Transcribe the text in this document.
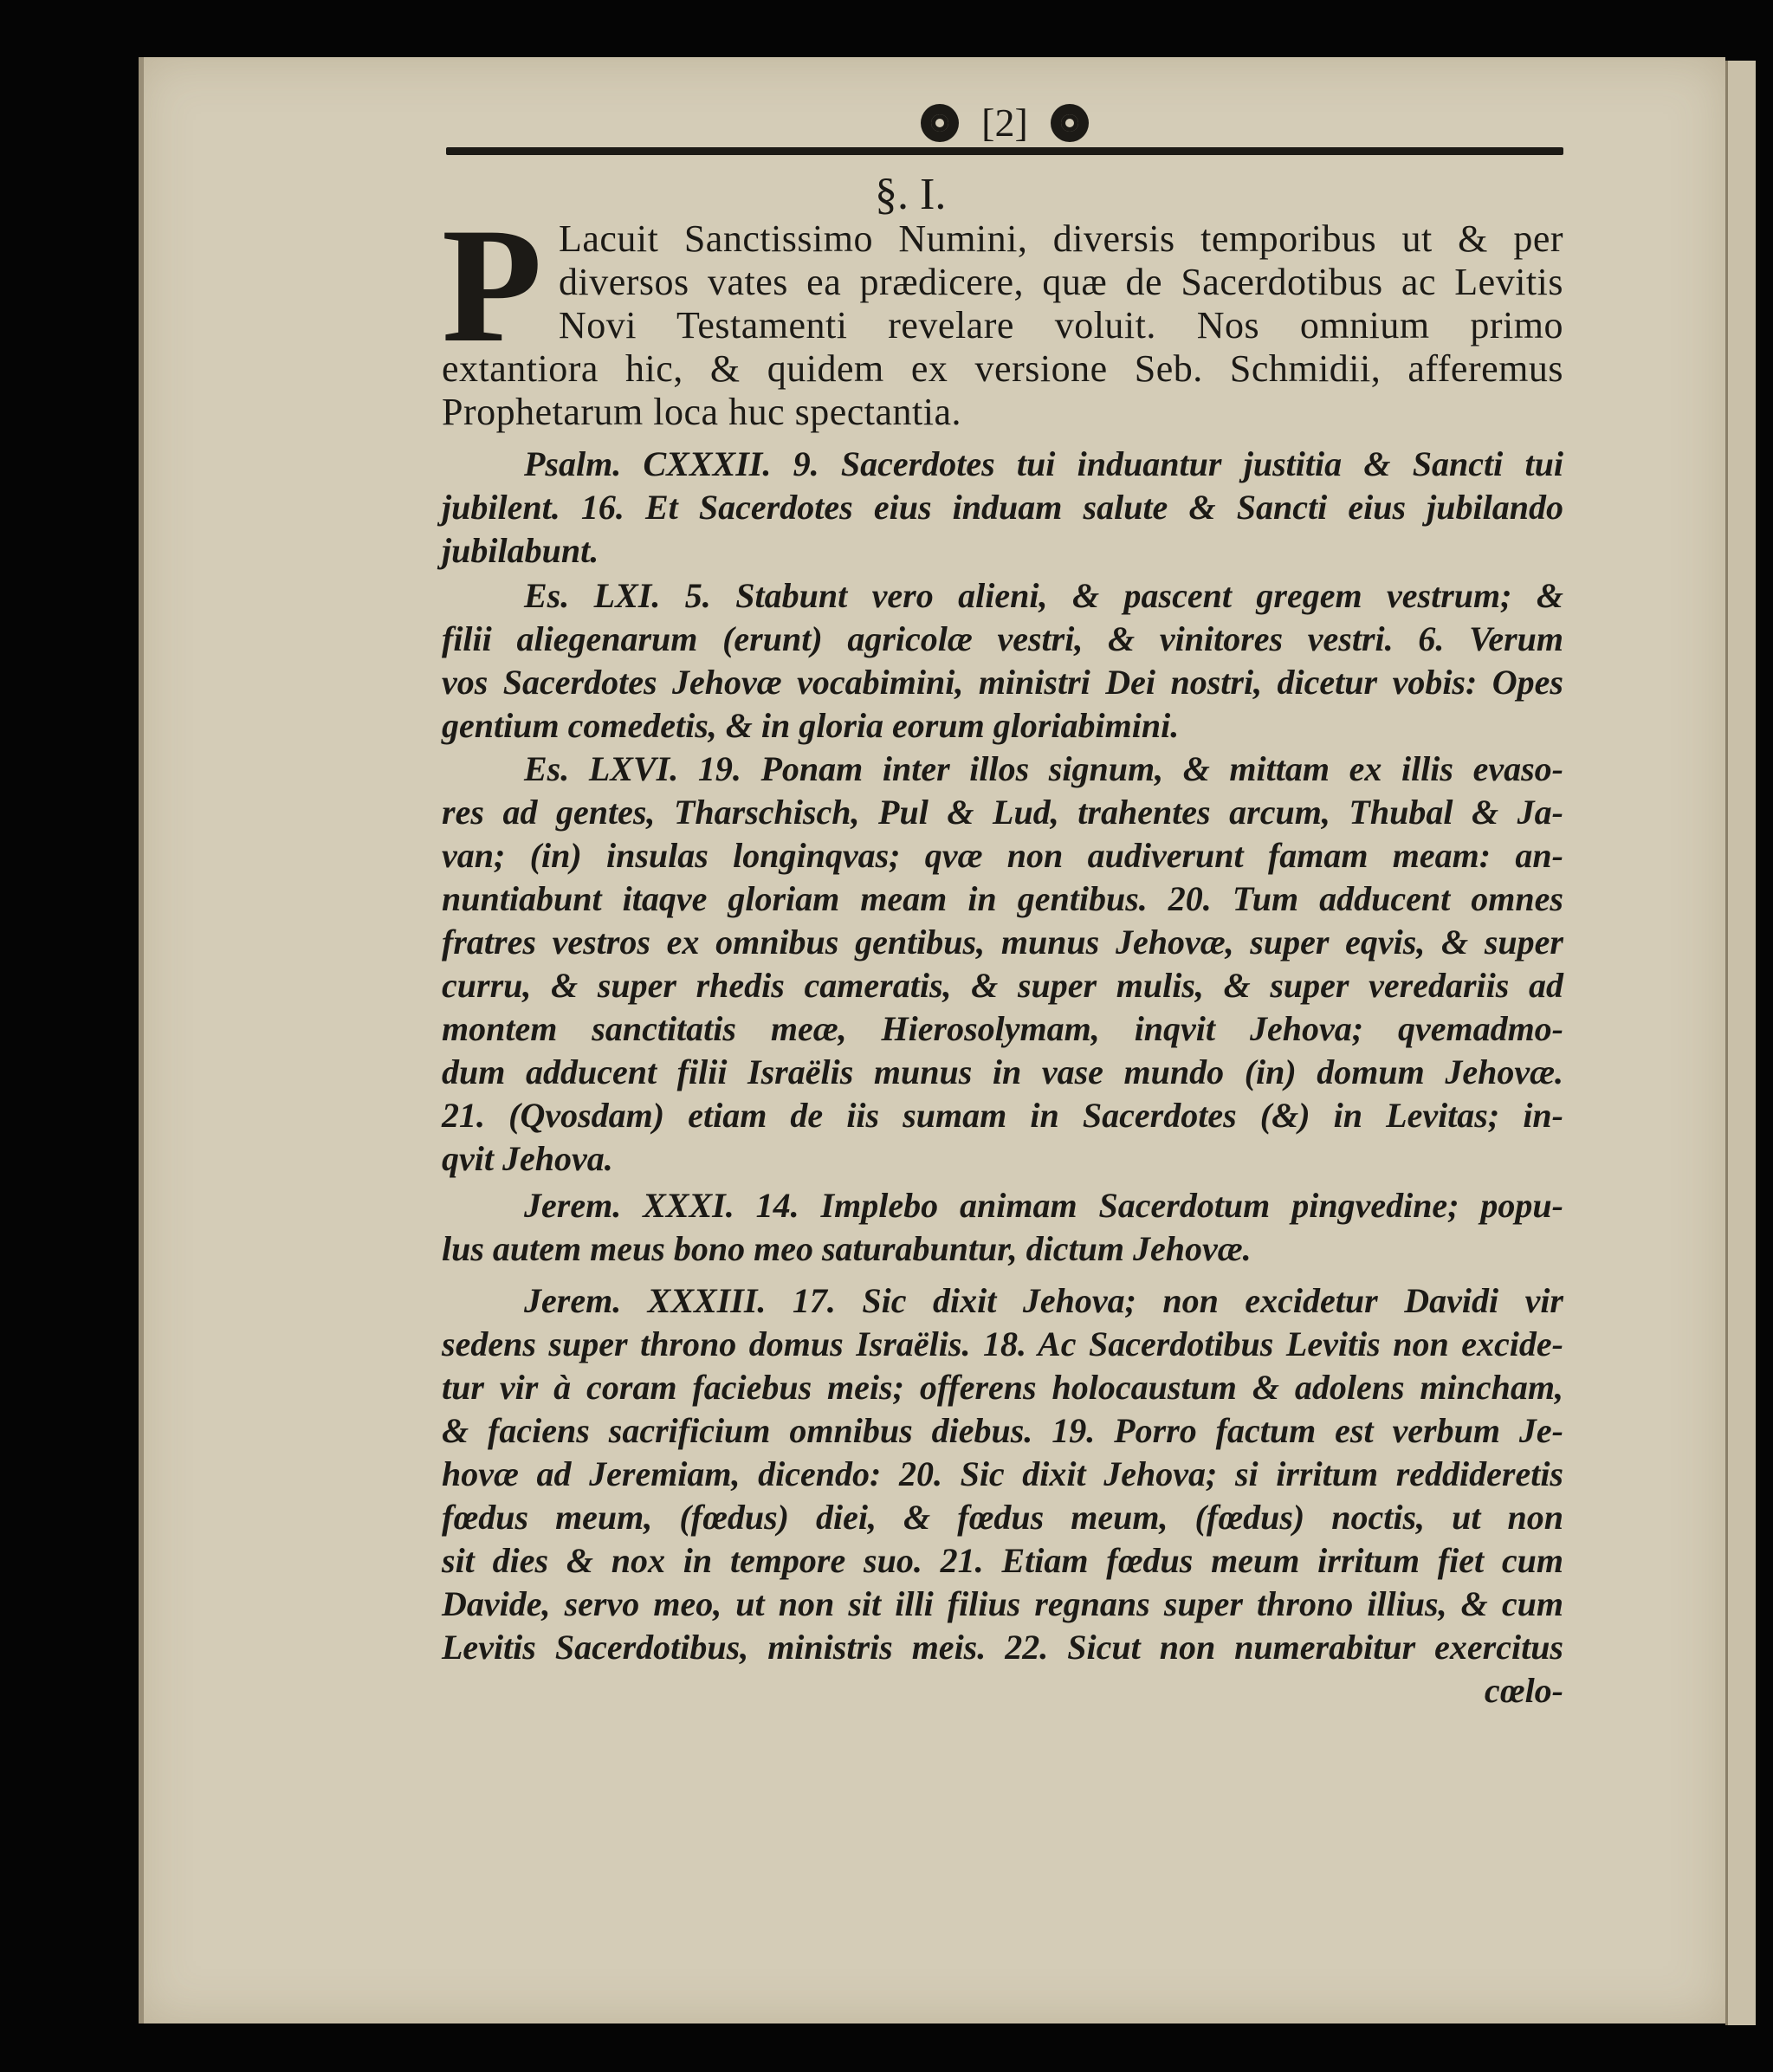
[2]
§. I.
P Lacuit Sanctissimo Numini, diversis temporibus ut & per
diversos vates ea prædicere, quæ de Sacerdotibus ac Levitis
Novi Testamenti revelare voluit. Nos omnium primo
extantiora hic, & quidem ex versione Seb. Schmidii, afferemus
Prophetarum loca huc spectantia.
Psalm. CXXXII. 9. Sacerdotes tui induantur justitia & Sancti tui
jubilent. 16. Et Sacerdotes eius induam salute & Sancti eius jubilando
jubilabunt.
Es. LXI. 5. Stabunt vero alieni, & pascent gregem vestrum; &
filii aliegenarum (erunt) agricolæ vestri, & vinitores vestri. 6. Verum
vos Sacerdotes Jehovæ vocabimini, ministri Dei nostri, dicetur vobis: Opes
gentium comedetis, & in gloria eorum gloriabimini.
Es. LXVI. 19. Ponam inter illos signum, & mittam ex illis evaso-
res ad gentes, Tharschisch, Pul & Lud, trahentes arcum, Thubal & Ja-
van; (in) insulas longinqvas; qvæ non audiverunt famam meam: an-
nuntiabunt itaqve gloriam meam in gentibus. 20. Tum adducent omnes
fratres vestros ex omnibus gentibus, munus Jehovæ, super eqvis, & super
curru, & super rhedis cameratis, & super mulis, & super veredariis ad
montem sanctitatis meæ, Hierosolymam, inqvit Jehova; qvemadmo-
dum adducent filii Israëlis munus in vase mundo (in) domum Jehovæ.
21. (Qvosdam) etiam de iis sumam in Sacerdotes (&) in Levitas; in-
qvit Jehova.
Jerem. XXXI. 14. Implebo animam Sacerdotum pingvedine; popu-
lus autem meus bono meo saturabuntur, dictum Jehovæ.
Jerem. XXXIII. 17. Sic dixit Jehova; non excidetur Davidi vir
sedens super throno domus Israëlis. 18. Ac Sacerdotibus Levitis non excide-
tur vir à coram faciebus meis; offerens holocaustum & adolens mincham,
& faciens sacrificium omnibus diebus. 19. Porro factum est verbum Je-
hovæ ad Jeremiam, dicendo: 20. Sic dixit Jehova; si irritum reddideretis
fœdus meum, (fœdus) diei, & fœdus meum, (fœdus) noctis, ut non
sit dies & nox in tempore suo. 21. Etiam fœdus meum irritum fiet cum
Davide, servo meo, ut non sit illi filius regnans super throno illius, & cum
Levitis Sacerdotibus, ministris meis. 22. Sicut non numerabitur exercitus
cœlo-
